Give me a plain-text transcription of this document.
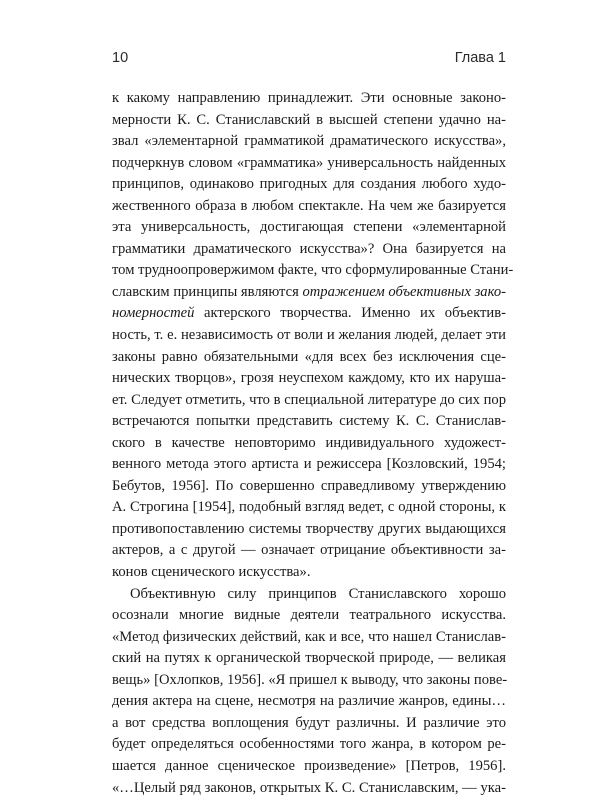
10	Глава 1

к какому направлению принадлежит. Эти основные законо-
мерности К. С. Станиславский в высшей степени удачно на-
звал «элементарной грамматикой драматического искусства»,
подчеркнув словом «грамматика» универсальность найденных
принципов, одинаково пригодных для создания любого худо-
жественного образа в любом спектакле. На чем же базируется
эта универсальность, достигающая степени «элементарной
грамматики драматического искусства»? Она базируется на
том трудноопровержимом факте, что сформулированные Стани-
славским принципы являются отражением объективных зако-
номерностей актерского творчества. Именно их объектив-
ность, т. е. независимость от воли и желания людей, делает эти
законы равно обязательными «для всех без исключения сце-
нических творцов», грозя неуспехом каждому, кто их наруша-
ет. Следует отметить, что в специальной литературе до сих пор
встречаются попытки представить систему К. С. Станислав-
ского в качестве неповторимо индивидуального художест-
венного метода этого артиста и режиссера [Козловский, 1954;
Бебутов, 1956]. По совершенно справедливому утверждению
А. Строгина [1954], подобный взгляд ведет, с одной стороны, к
противопоставлению системы творчеству других выдающихся
актеров, а с другой — означает отрицание объективности за-
конов сценического искусства».

Объективную силу принципов Станиславского хорошо
осознали многие видные деятели театрального искусства.
«Метод физических действий, как и все, что нашел Станислав-
ский на путях к органической творческой природе, — великая
вещь» [Охлопков, 1956]. «Я пришел к выводу, что законы пове-
дения актера на сцене, несмотря на различие жанров, едины…
а вот средства воплощения будут различны. И различие это
будет определяться особенностями того жанра, в котором ре-
шается данное сценическое произведение» [Петров, 1956].
«…Целый ряд законов, открытых К. С. Станиславским, — ука-
